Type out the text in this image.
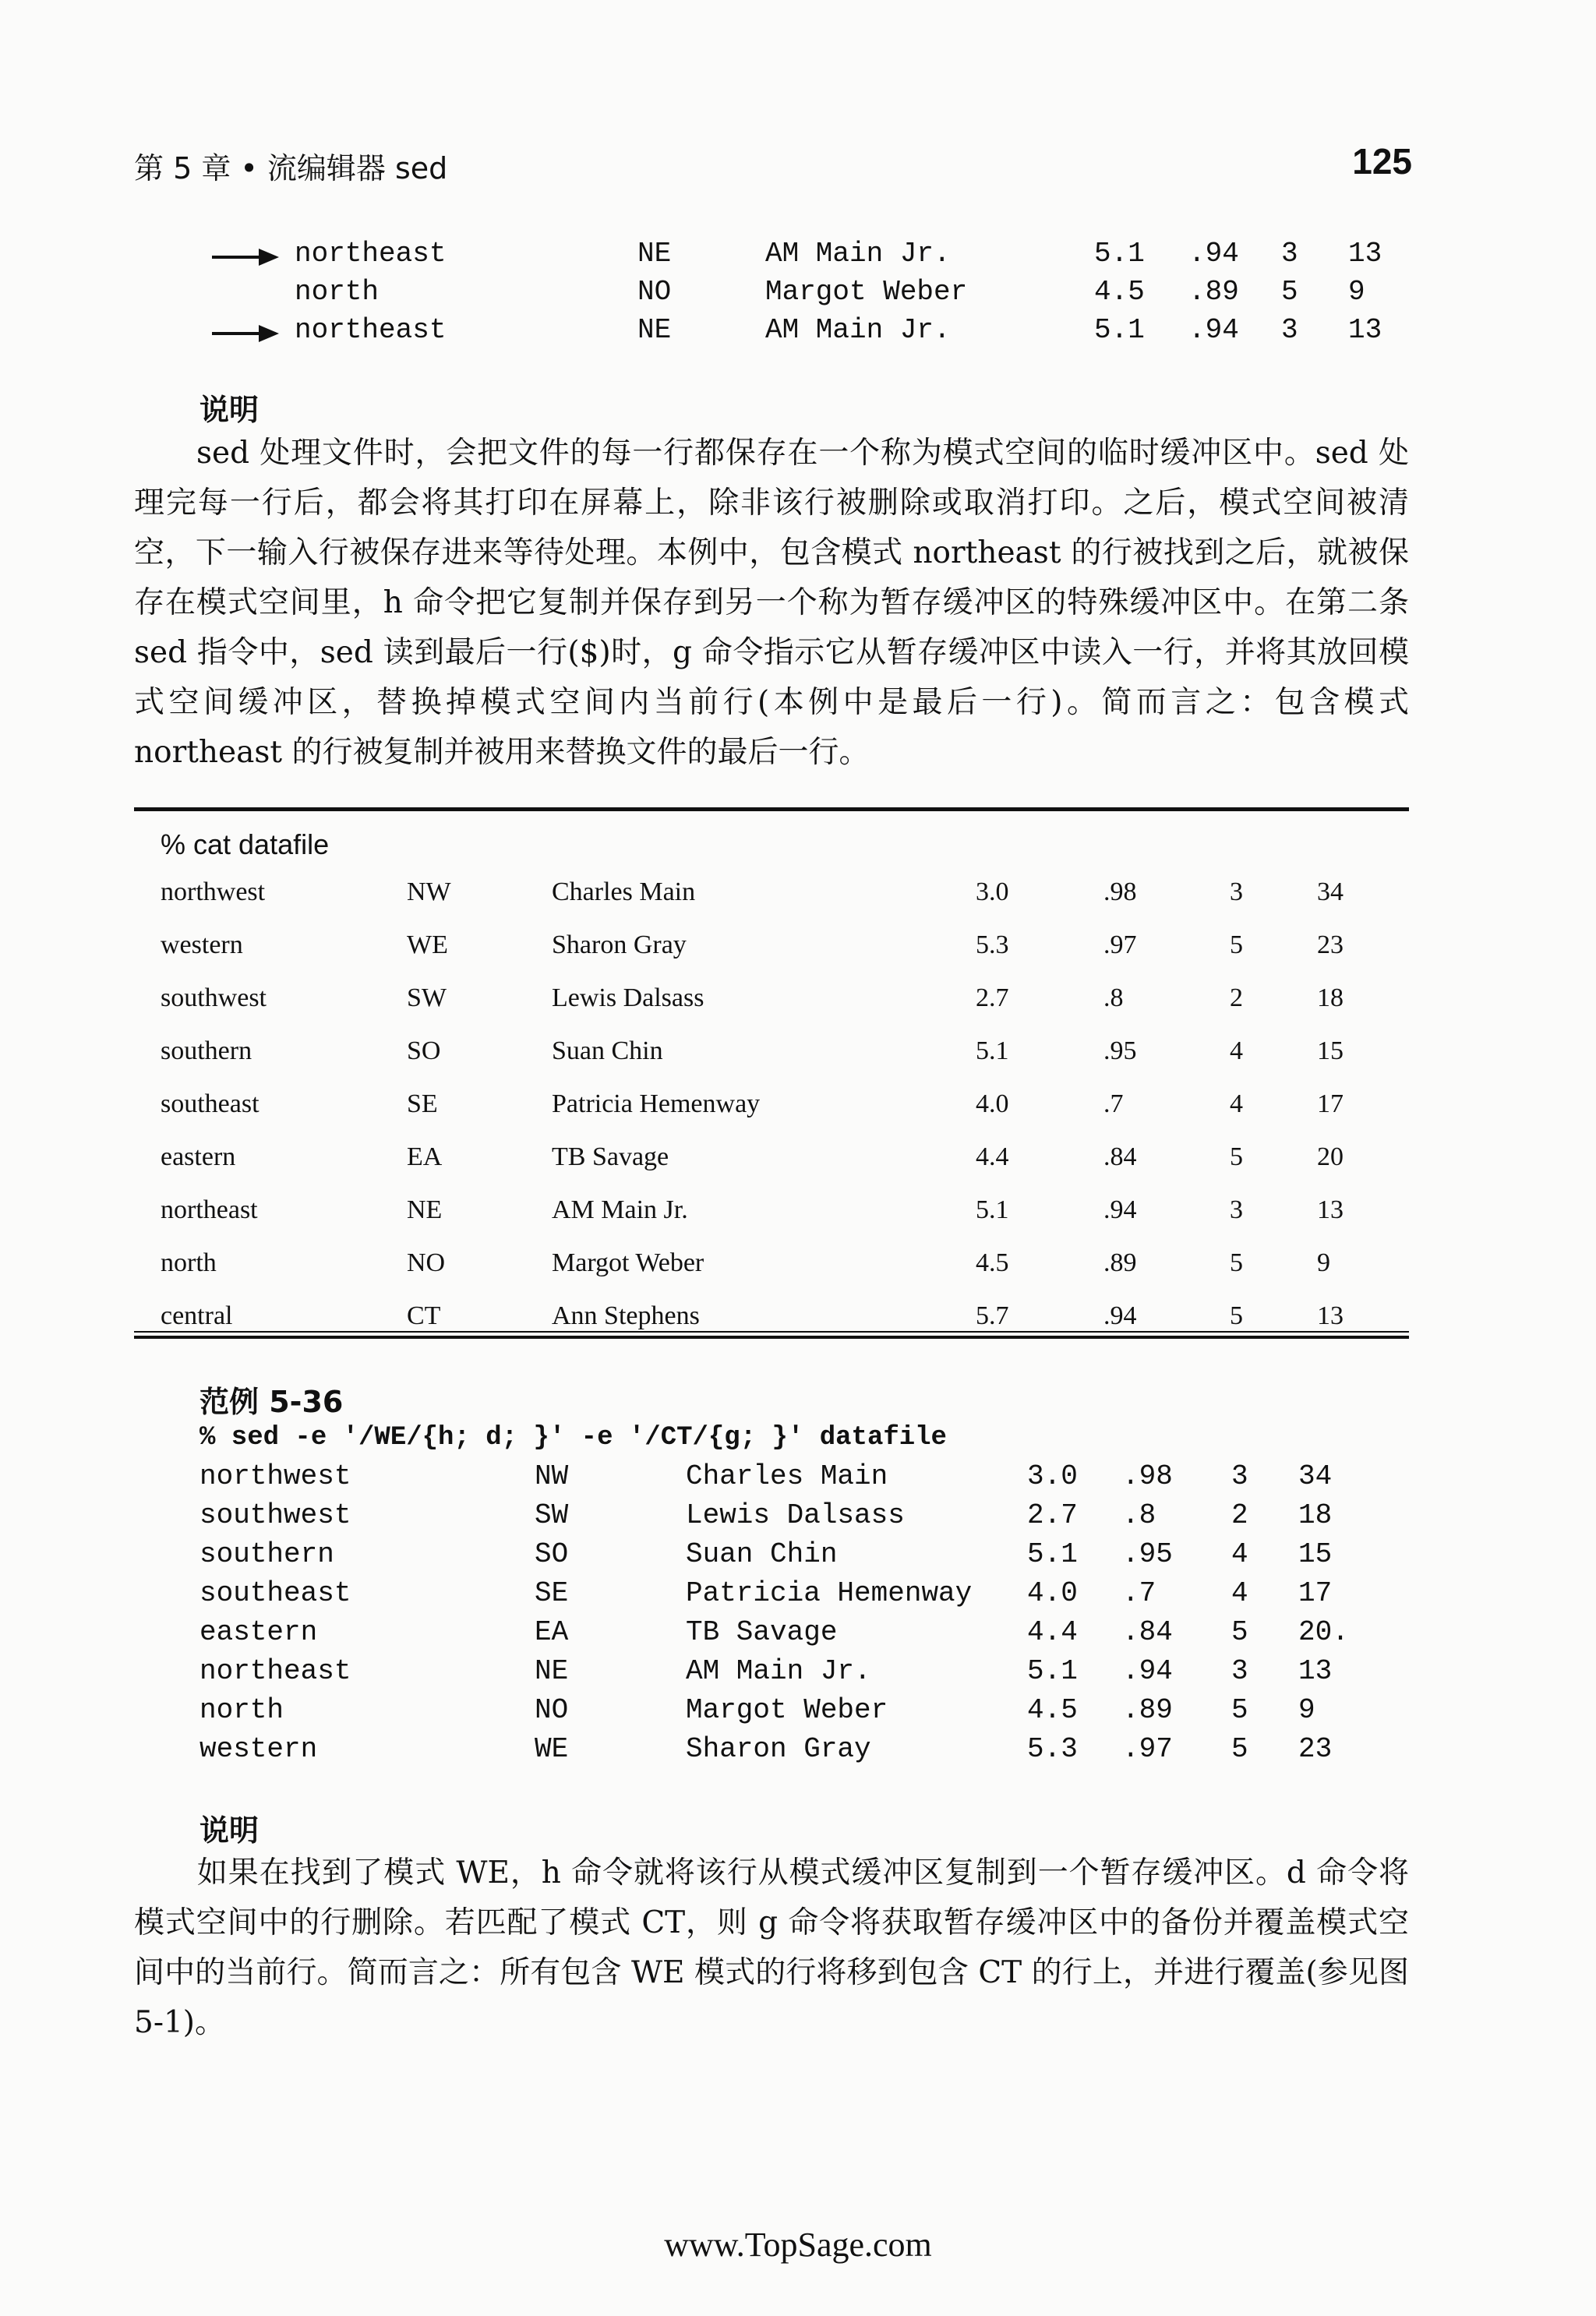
第 5 章 • 流编辑器 sed	125
northeast	NE	AM Main Jr.	5.1 .94 3 13
north	NO	Margot Weber	4.5 .89 5 9
northeast	NE	AM Main Jr.	5.1 .94 3 13
说明

sed 处理文件时，会把文件的每一行都保存在一个称为模式空间的临时缓冲区中。sed 处理完每一行后，都会将其打印在屏幕上，除非该行被删除或取消打印。之后，模式空间被清空，下一输入行被保存进来等待处理。本例中，包含模式 northeast 的行被找到之后，就被保存在模式空间里，h 命令把它复制并保存到另一个称为暂存缓冲区的特殊缓冲区中。在第二条 sed 指令中，sed 读到最后一行($)时，g 命令指示它从暂存缓冲区中读入一行，并将其放回模式空间缓冲区，替换掉模式空间内当前行(本例中是最后一行)。简而言之：包含模式 northeast 的行被复制并被用来替换文件的最后一行。

% cat datafile
northwest	NW	Charles Main	3.0	.98	3	34
western	WE	Sharon Gray	5.3	.97	5	23
southwest	SW	Lewis Dalsass	2.7	.8	2	18
southern	SO	Suan Chin	5.1	.95	4	15
southeast	SE	Patricia Hemenway	4.0	.7	4	17
eastern	EA	TB Savage	4.4	.84	5	20
northeast	NE	AM Main Jr.	5.1	.94	3	13
north	NO	Margot Weber	4.5	.89	5	9
central	CT	Ann Stephens	5.7	.94	5	13
范例 5-36
% sed -e '/WE/{h; d; }' -e '/CT/{g; }' datafile
northwest	NW	Charles Main	3.0 .98 3 34
southwest	SW	Lewis Dalsass	2.7 .8	2 18
southern	SO	Suan Chin	5.1 .95 4 15
southeast	SE	Patricia Hemenway 4.0 .7	4 17
eastern	EA	TB Savage	4.4 .84 5 20.
northeast	NE	AM Main Jr.	5.1 .94 3 13
north	NO	Margot Weber	4.5 .89 5 9
western	WE	Sharon Gray	5.3 .97 5 23
说明

如果在找到了模式 WE，h 命令就将该行从模式缓冲区复制到一个暂存缓冲区。d 命令将模式空间中的行删除。若匹配了模式 CT，则 g 命令将获取暂存缓冲区中的备份并覆盖模式空间中的当前行。简而言之：所有包含 WE 模式的行将移到包含 CT 的行上，并进行覆盖(参见图 5-1)。

www.TopSage.com
